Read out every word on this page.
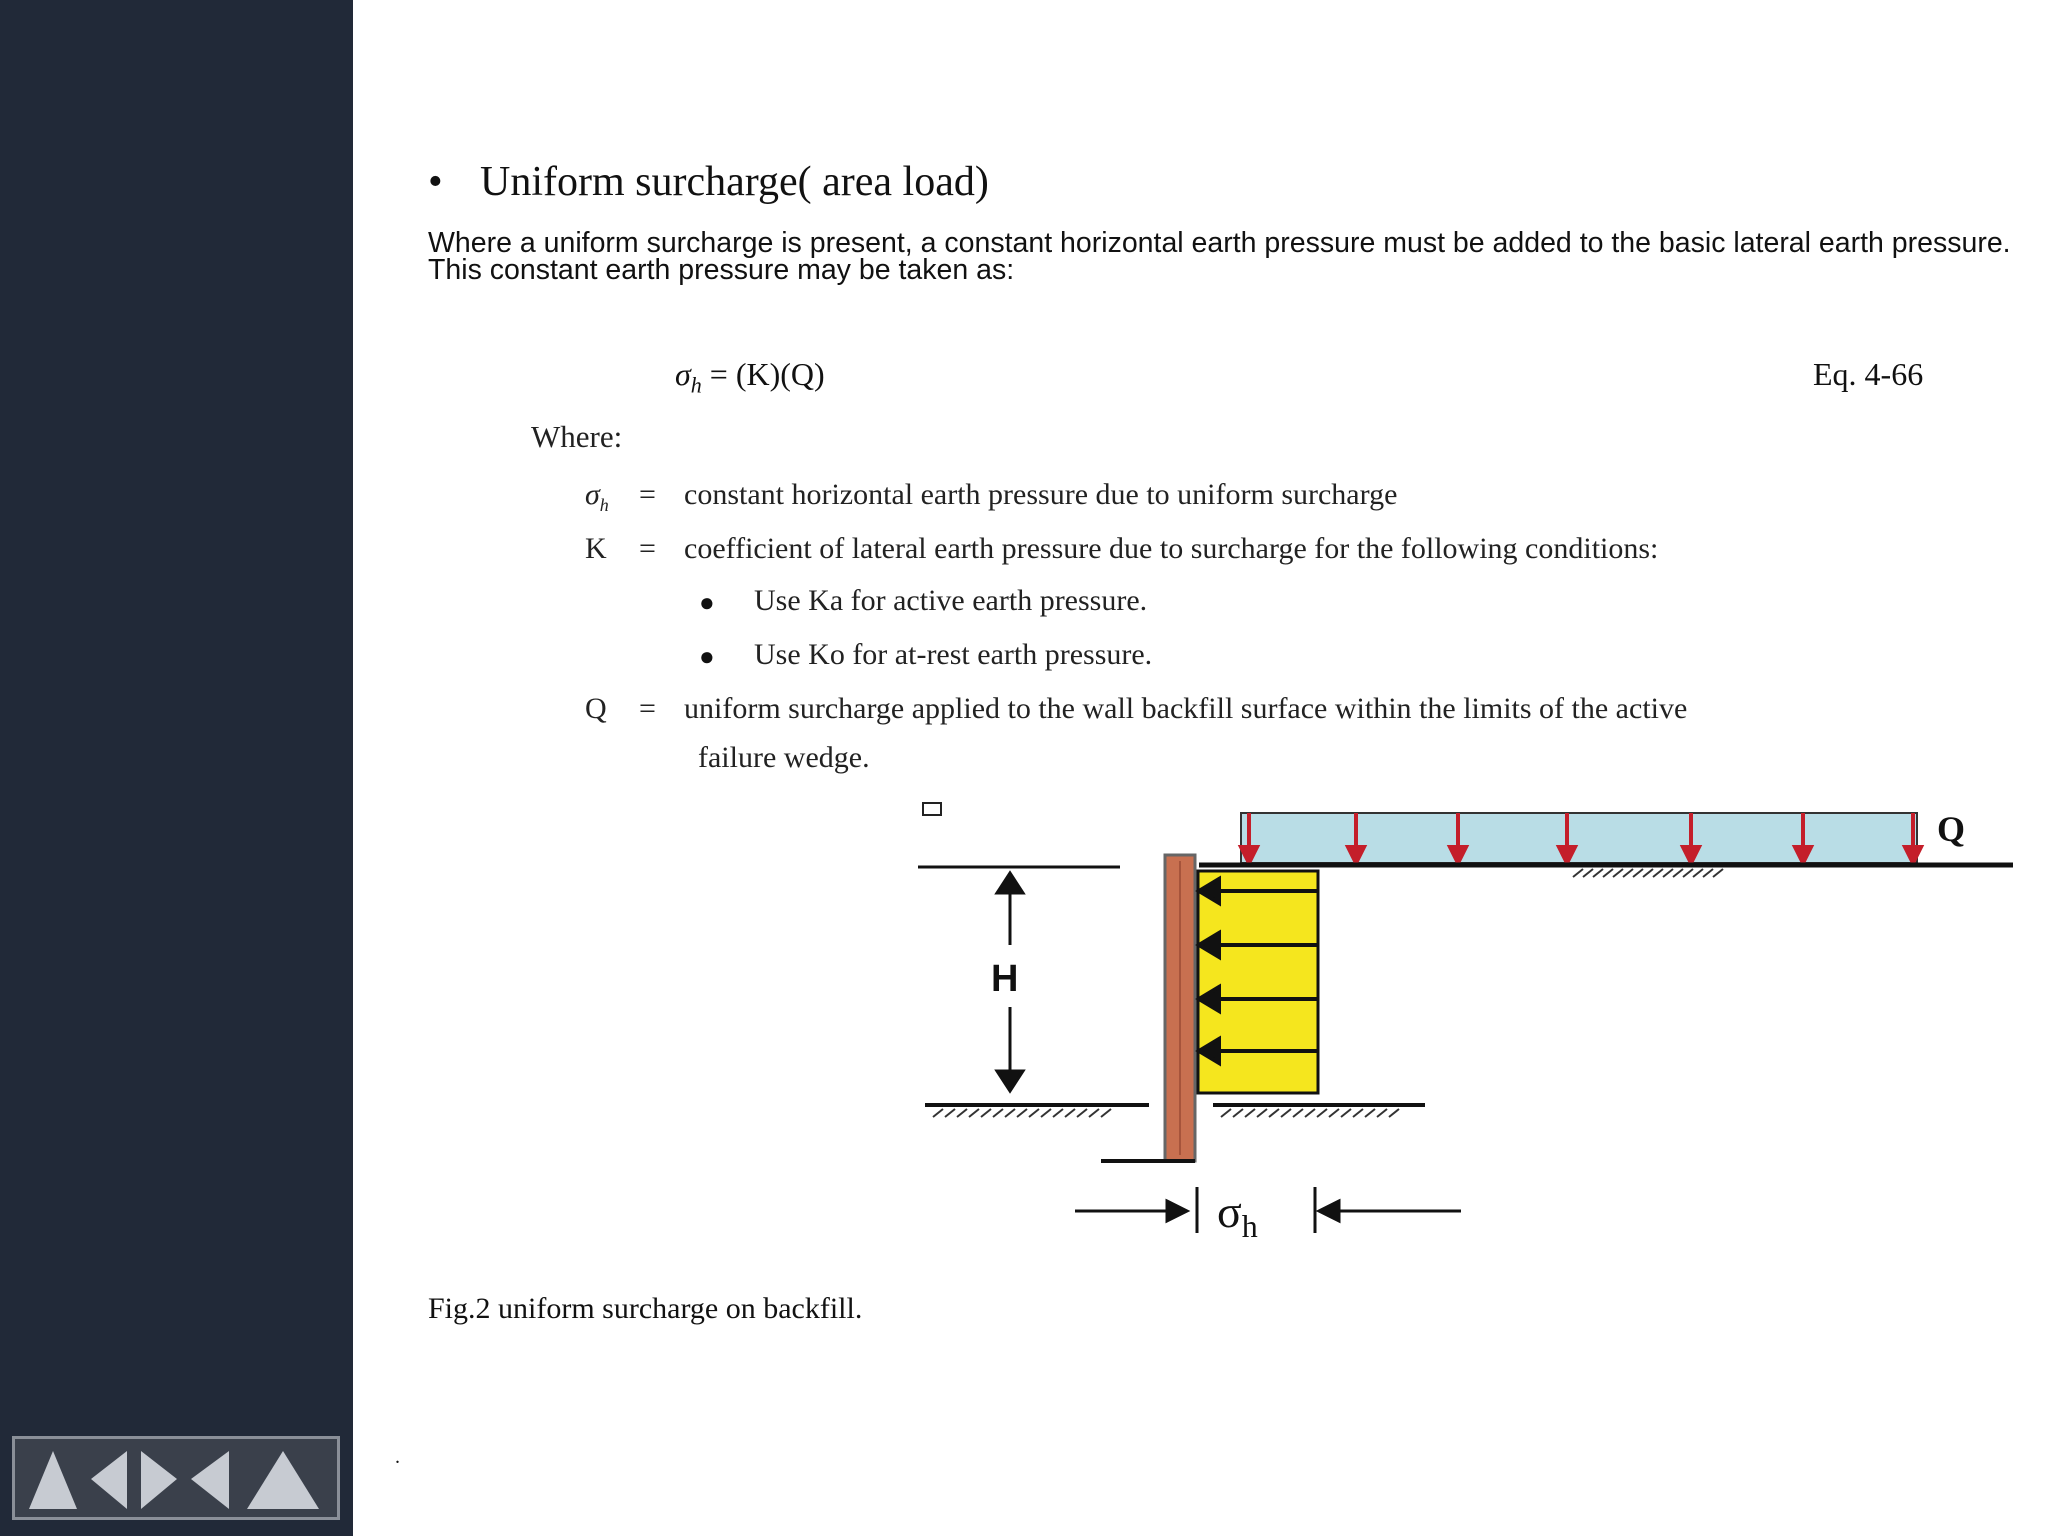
• Uniform surcharge( area load)
Where a uniform surcharge is present, a constant horizontal earth pressure must be added to the basic lateral earth pressure. This constant earth pressure may be taken as:
$\sigma_h = (K)(Q)$	Eq. 4-66
Where:
$\sigma_h$ = constant horizontal earth pressure due to uniform surcharge
K = coefficient of lateral earth pressure due to surcharge for the following conditions:
● Use Ka for active earth pressure.
● Use Ko for at-rest earth pressure.
Q = uniform surcharge applied to the wall backfill surface within the limits of the active
failure wedge.
Q
H
$\sigma_h$
Fig.2 uniform surcharge on backfill.
.
